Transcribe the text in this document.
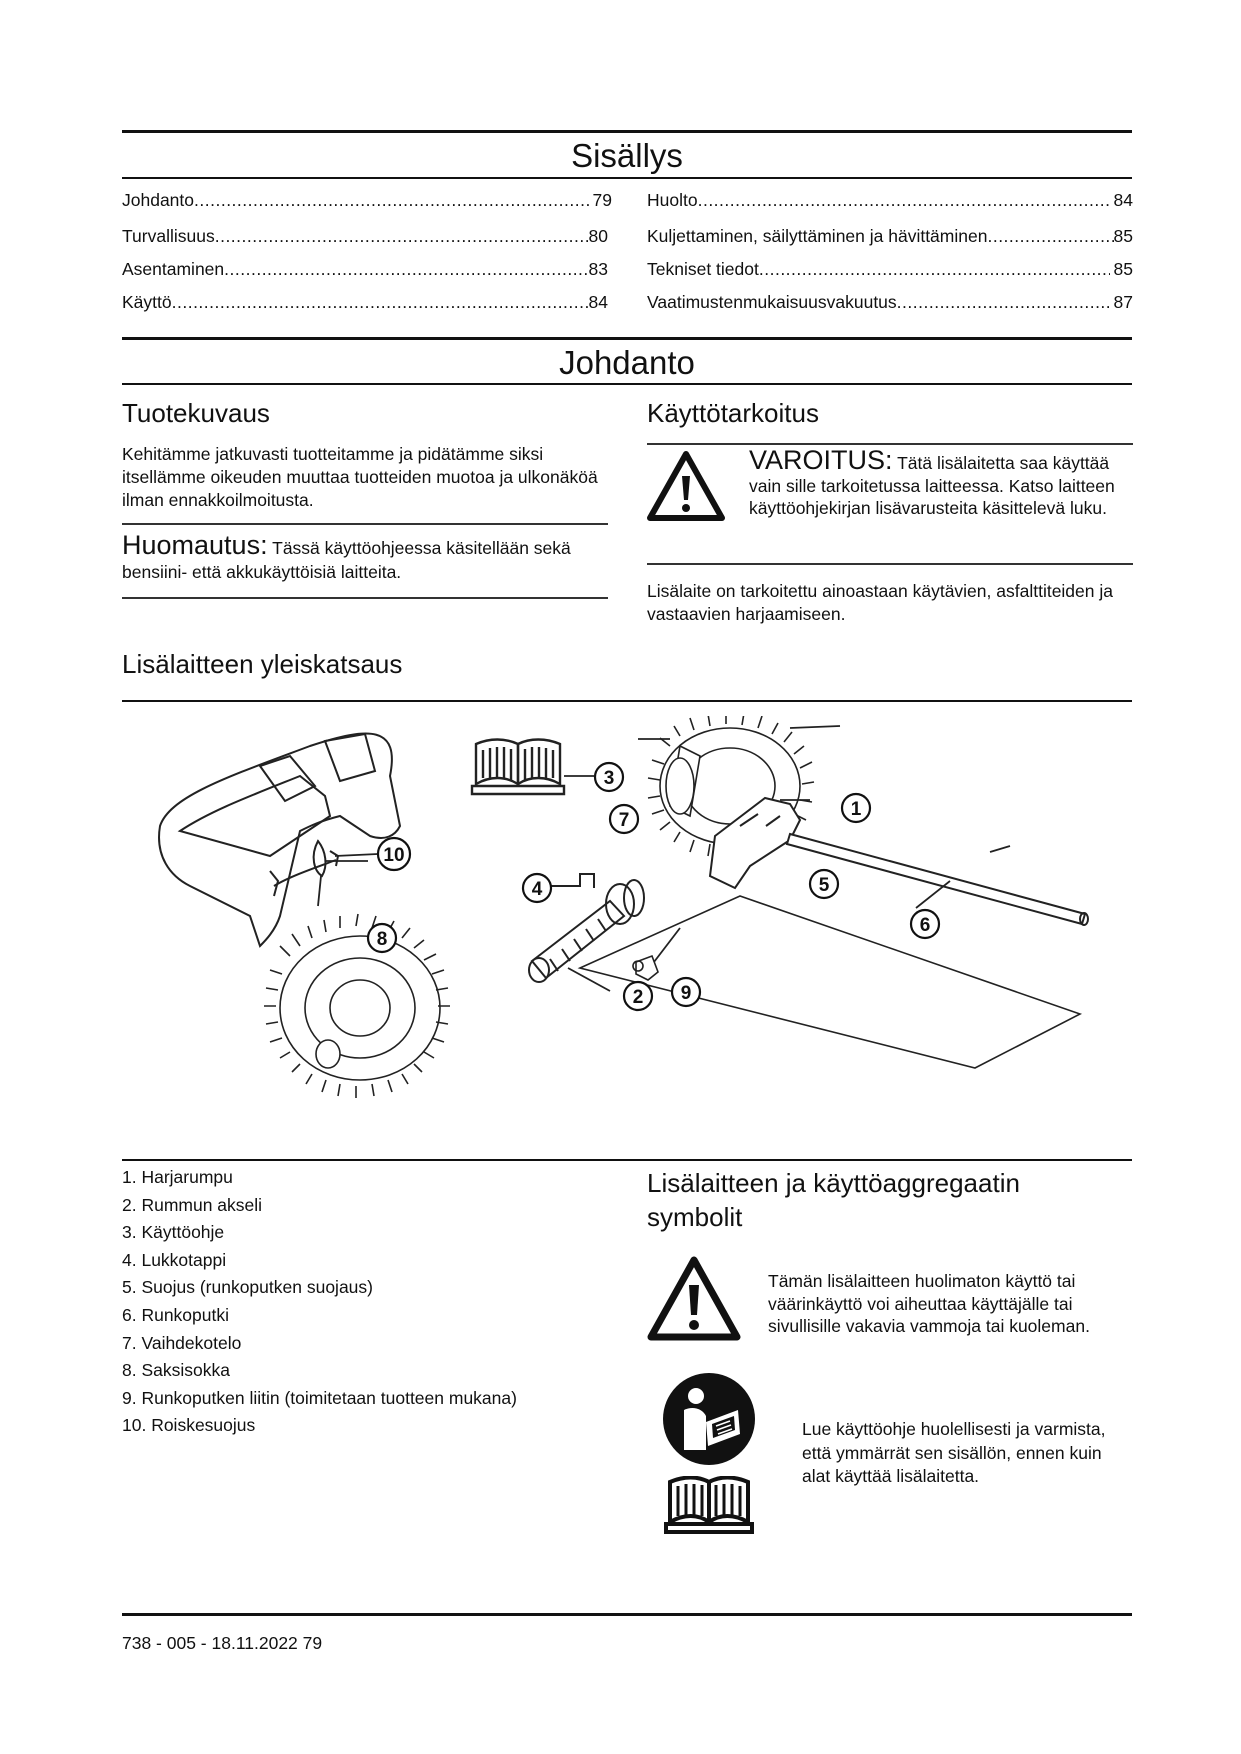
Sisällys
Johdanto .....	79
Turvallisuus .....	80
Asentaminen .....	83
Käyttö .....	84
Huolto .....	84
Kuljettaminen, säilyttäminen ja hävittäminen .....	85
Tekniset tiedot .....	85
Vaatimustenmukaisuusvakuutus .....	87
Johdanto
Tuotekuvaus
Kehitämme jatkuvasti tuotteitamme ja pidätämme siksi itsellämme oikeuden muuttaa tuotteiden muotoa ja ulkonäköä ilman ennakkoilmoitusta.
Huomautus: Tässä käyttöohjeessa käsitellään sekä bensiini- että akkukäyttöisiä laitteita.
Käyttötarkoitus
VAROITUS: Tätä lisälaitetta saa käyttää vain sille tarkoitetussa laitteessa. Katso laitteen käyttöohjekirjan lisävarusteita käsittelevä luku.
Lisälaite on tarkoitettu ainoastaan käytävien, asfalttiteiden ja vastaavien harjaamiseen.
Lisälaitteen yleiskatsaus
1
2
3
4	5
6
7
8
9
10
1. Harjarumpu
2. Rummun akseli
3. Käyttöohje
4. Lukkotappi
5. Suojus (runkoputken suojaus)
6. Runkoputki
7. Vaihdekotelo
8. Saksisokka
9. Runkoputken liitin (toimitetaan tuotteen mukana)
10. Roiskesuojus
Lisälaitteen ja käyttöaggregaatin symbolit
Tämän lisälaitteen huolimaton käyttö tai väärinkäyttö voi aiheuttaa käyttäjälle tai sivullisille vakavia vammoja tai kuoleman.
Lue käyttöohje huolellisesti ja varmista, että ymmärrät sen sisällön, ennen kuin alat käyttää lisälaitetta.
738 - 005 - 18.11.2022 79
